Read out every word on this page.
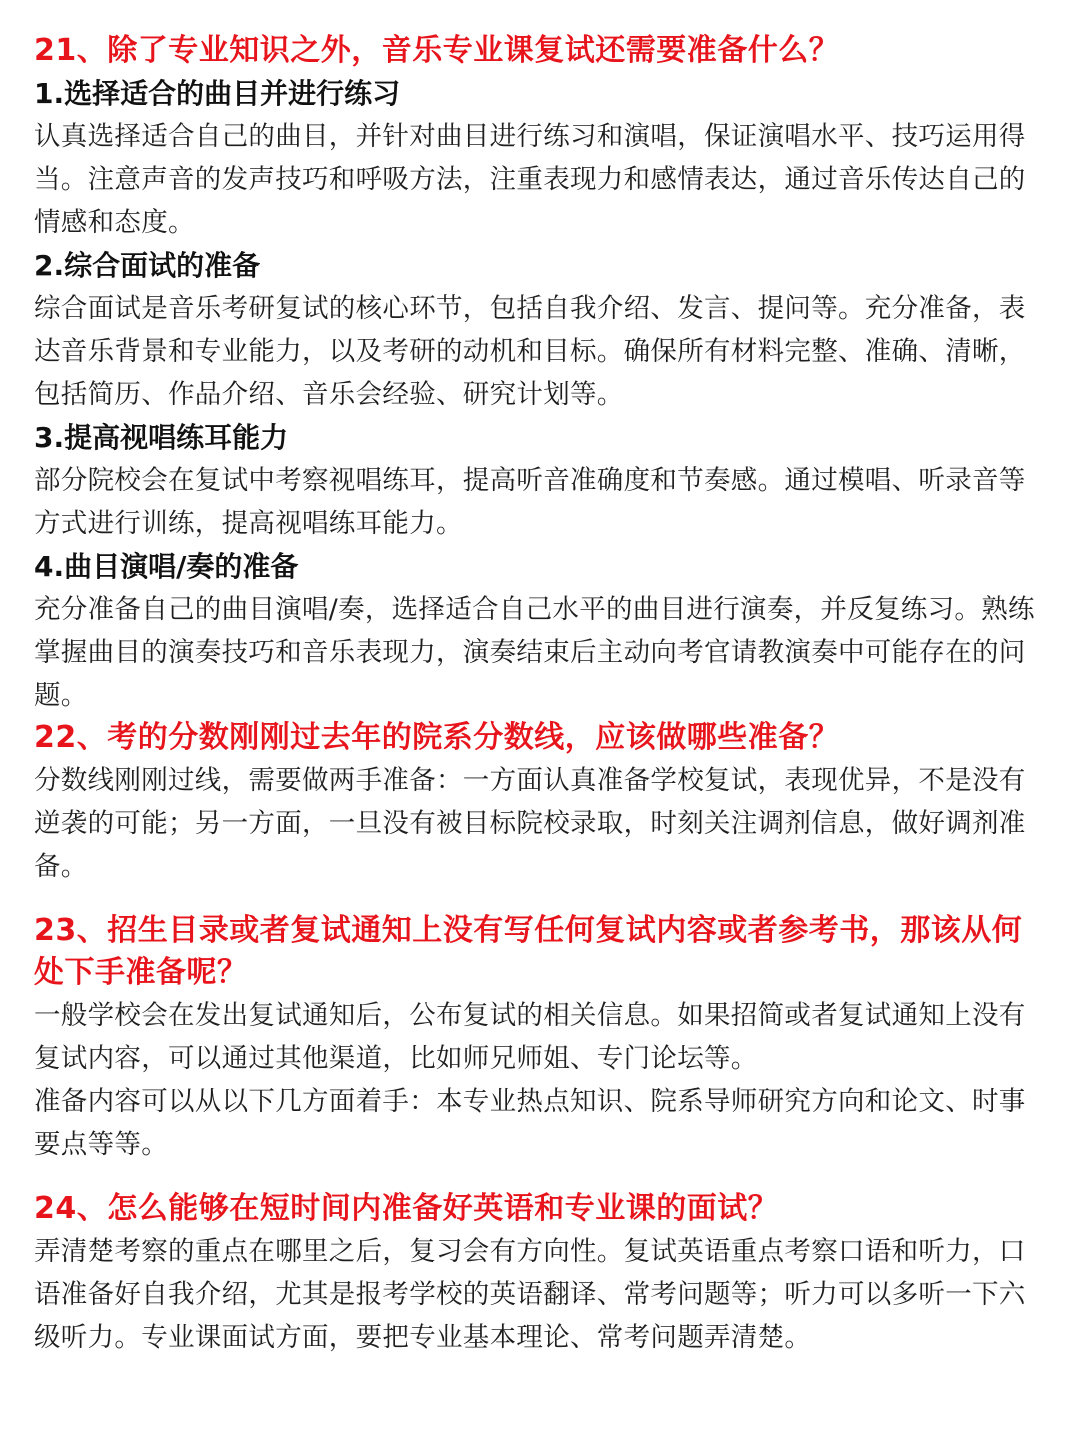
21、除了专业知识之外，音乐专业课复试还需要准备什么？

1.选择适合的曲目并进行练习

认真选择适合自己的曲目，并针对曲目进行练习和演唱，保证演唱水平、技巧运用得当。注意声音的发声技巧和呼吸方法，注重表现力和感情表达，通过音乐传达自己的情感和态度。

2.综合面试的准备

综合面试是音乐考研复试的核心环节，包括自我介绍、发言、提问等。充分准备，表达音乐背景和专业能力，以及考研的动机和目标。确保所有材料完整、准确、清晰，包括简历、作品介绍、音乐会经验、研究计划等。

3.提高视唱练耳能力

部分院校会在复试中考察视唱练耳，提高听音准确度和节奏感。通过模唱、听录音等方式进行训练，提高视唱练耳能力。

4.曲目演唱/奏的准备

充分准备自己的曲目演唱/奏，选择适合自己水平的曲目进行演奏，并反复练习。熟练掌握曲目的演奏技巧和音乐表现力，演奏结束后主动向考官请教演奏中可能存在的问题。

22、考的分数刚刚过去年的院系分数线，应该做哪些准备？

分数线刚刚过线，需要做两手准备：一方面认真准备学校复试，表现优异，不是没有逆袭的可能；另一方面，一旦没有被目标院校录取，时刻关注调剂信息，做好调剂准备。

23、招生目录或者复试通知上没有写任何复试内容或者参考书，那该从何处下手准备呢？

一般学校会在发出复试通知后，公布复试的相关信息。如果招简或者复试通知上没有复试内容，可以通过其他渠道，比如师兄师姐、专门论坛等。

准备内容可以从以下几方面着手：本专业热点知识、院系导师研究方向和论文、时事要点等等。

24、怎么能够在短时间内准备好英语和专业课的面试？

弄清楚考察的重点在哪里之后，复习会有方向性。复试英语重点考察口语和听力，口语准备好自我介绍，尤其是报考学校的英语翻译、常考问题等；听力可以多听一下六级听力。专业课面试方面，要把专业基本理论、常考问题弄清楚。
